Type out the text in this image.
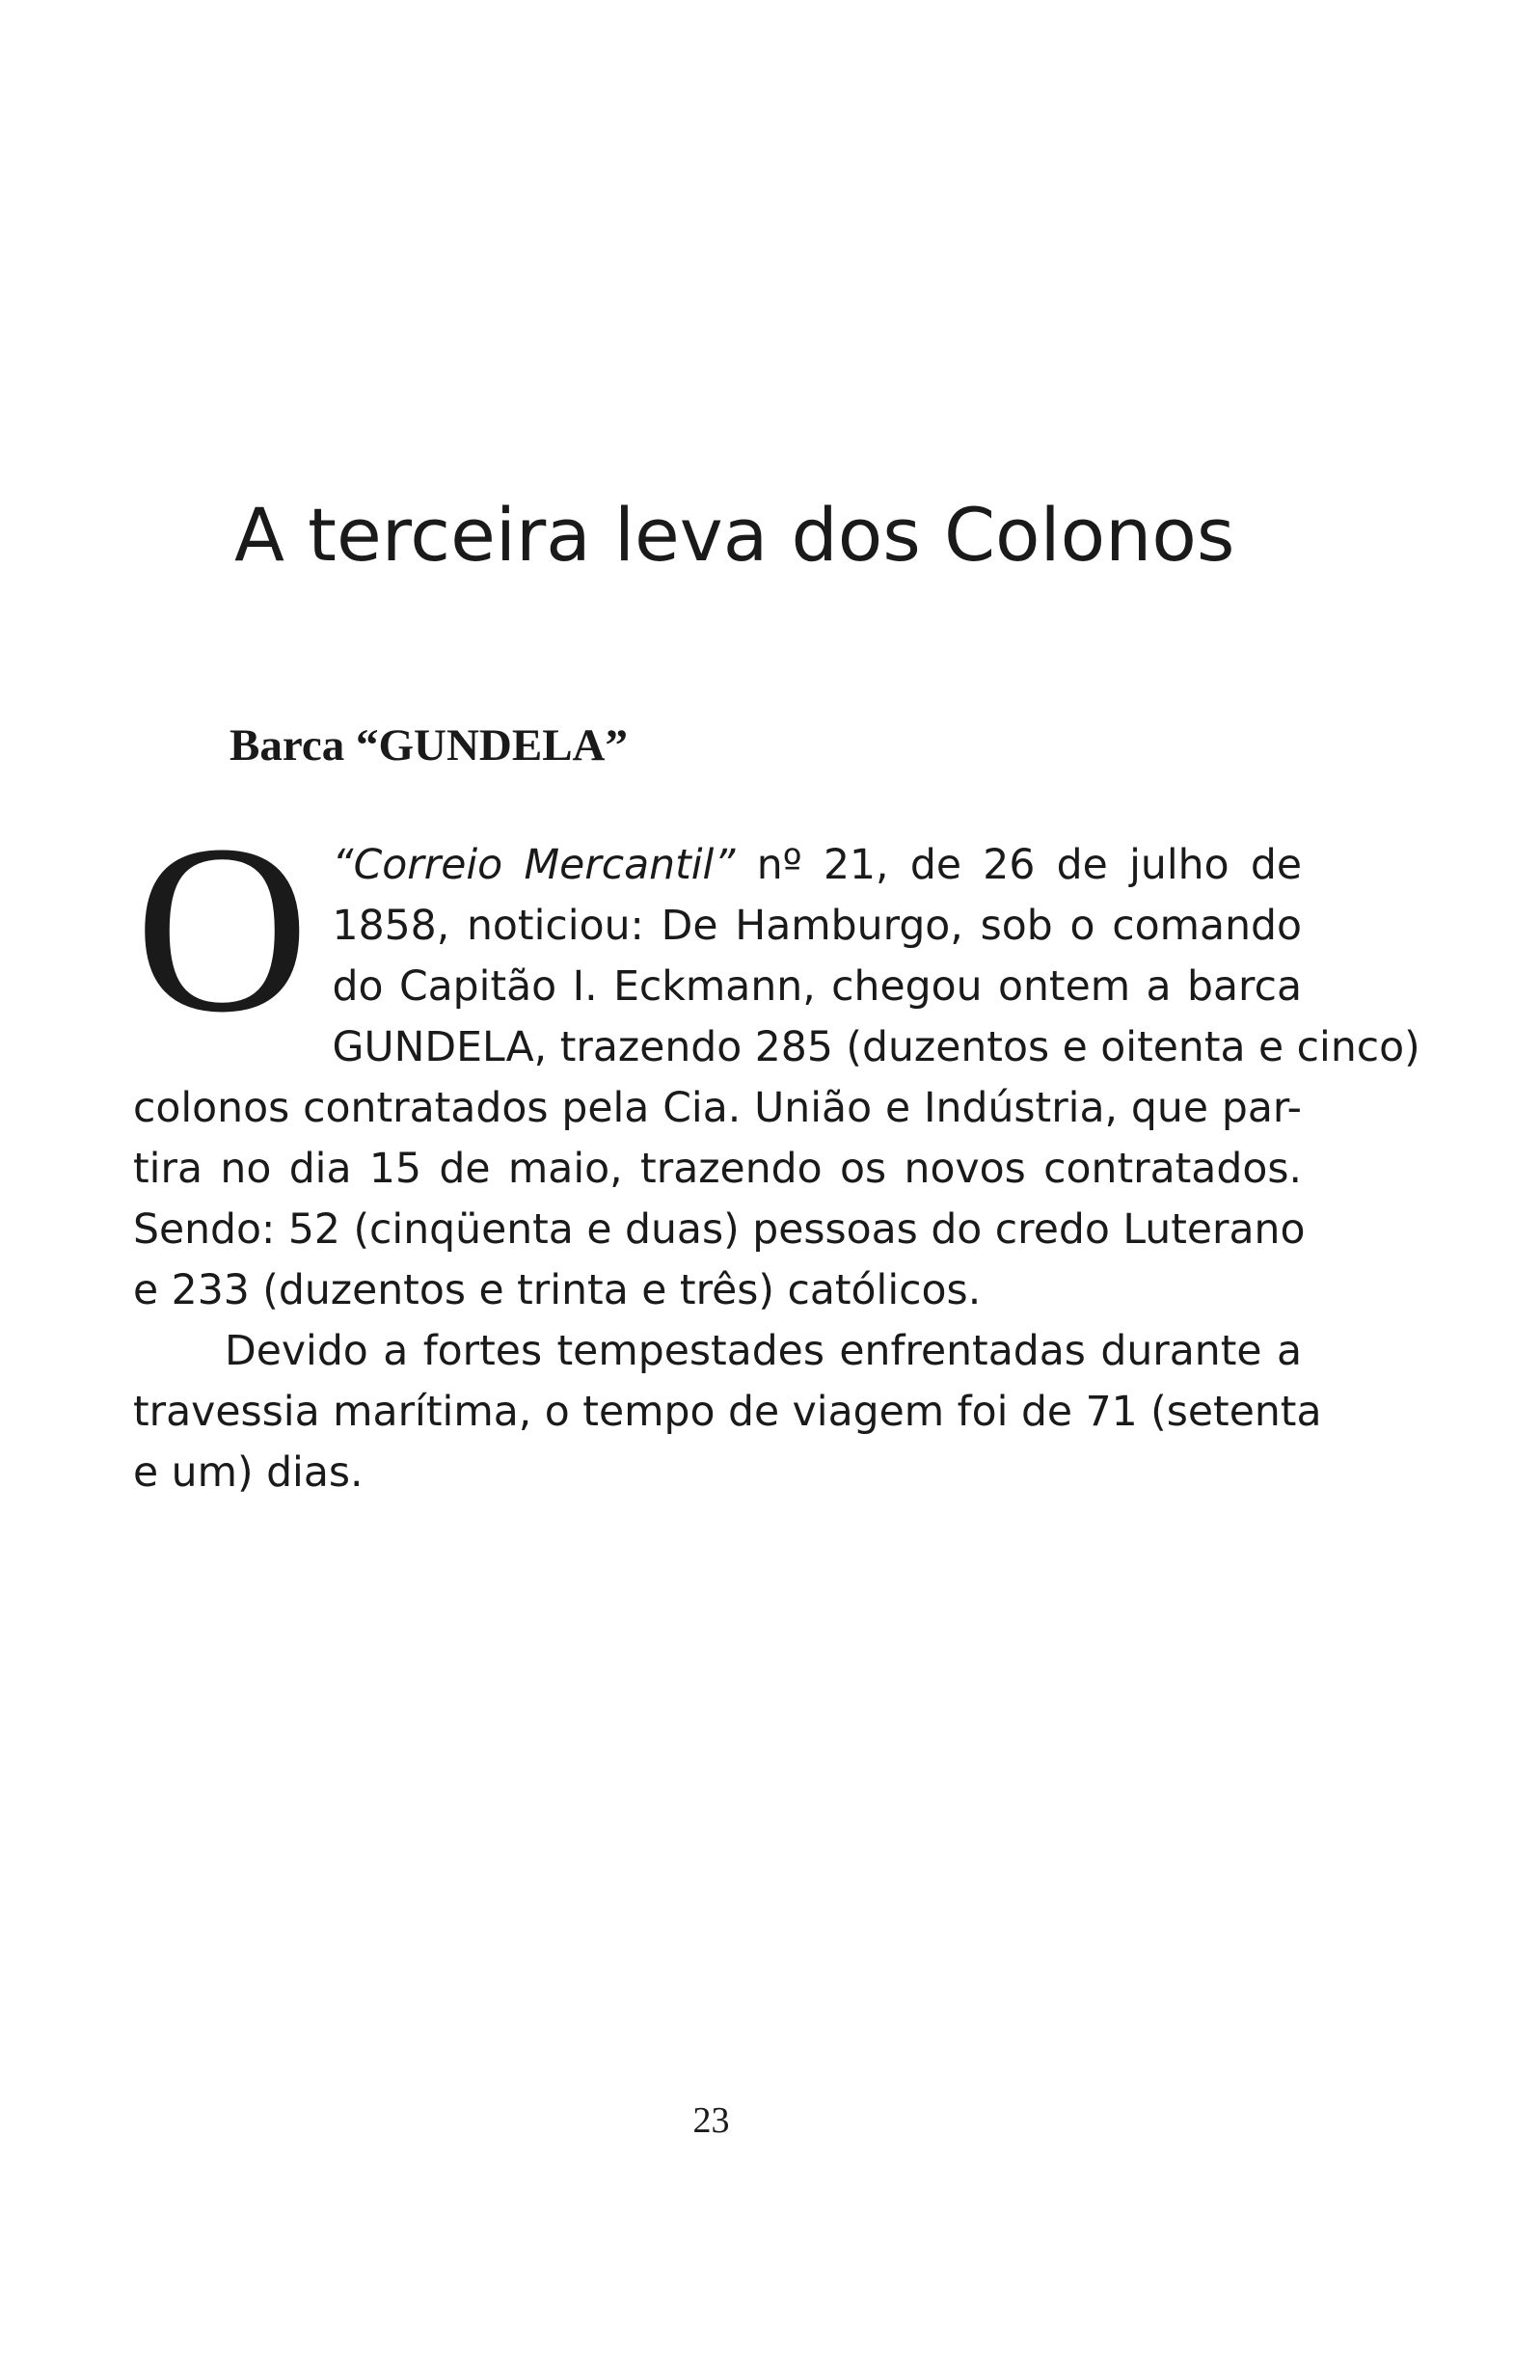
A terceira leva dos Colonos
Barca “GUNDELA”

O “Correio Mercantil” nº 21, de 26 de julho de
1858, noticiou: De Hamburgo, sob o comando
do Capitão I. Eckmann, chegou ontem a barca
GUNDELA, trazendo 285 (duzentos e oitenta e cinco)
colonos contratados pela Cia. União e Indústria, que par-
tira no dia 15 de maio, trazendo os novos contratados.
Sendo: 52 (cinqüenta e duas) pessoas do credo Luterano
e 233 (duzentos e trinta e três) católicos.

Devido a fortes tempestades enfrentadas durante a
travessia marítima, o tempo de viagem foi de 71 (setenta
e um) dias.

23
